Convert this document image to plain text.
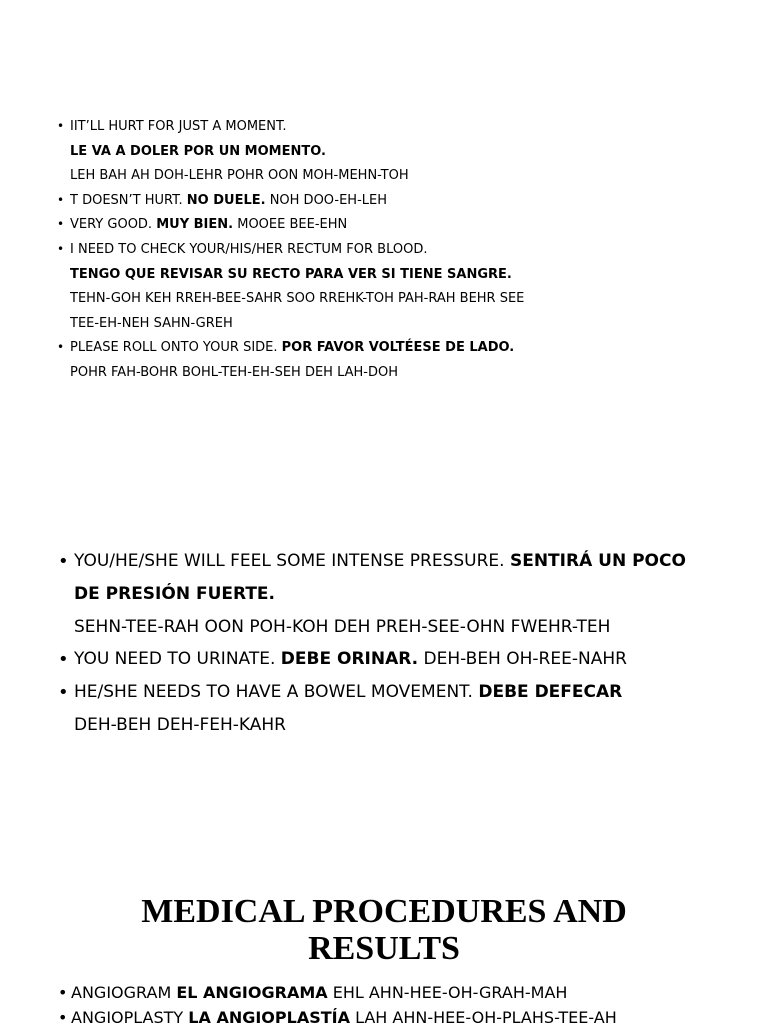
• IIT’LL HURT FOR JUST A MOMENT.
LE VA A DOLER POR UN MOMENTO.
LEH BAH AH DOH-LEHR POHR OON MOH-MEHN-TOH
• T DOESN’T HURT. NO DUELE. NOH DOO-EH-LEH
• VERY GOOD. MUY BIEN. MOOEE BEE-EHN
• I NEED TO CHECK YOUR/HIS/HER RECTUM FOR BLOOD.
TENGO QUE REVISAR SU RECTO PARA VER SI TIENE SANGRE.
TEHN-GOH KEH RREH-BEE-SAHR SOO RREHK-TOH PAH-RAH BEHR SEE
TEE-EH-NEH SAHN-GREH
• PLEASE ROLL ONTO YOUR SIDE. POR FAVOR VOLTÉESE DE LADO.
POHR FAH-BOHR BOHL-TEH-EH-SEH DEH LAH-DOH
• YOU/HE/SHE WILL FEEL SOME INTENSE PRESSURE. SENTIRÁ UN POCO
DE PRESIÓN FUERTE.
SEHN-TEE-RAH OON POH-KOH DEH PREH-SEE-OHN FWEHR-TEH
• YOU NEED TO URINATE. DEBE ORINAR. DEH-BEH OH-REE-NAHR
• HE/SHE NEEDS TO HAVE A BOWEL MOVEMENT. DEBE DEFECAR
DEH-BEH DEH-FEH-KAHR
MEDICAL PROCEDURES AND
RESULTS
• ANGIOGRAM EL ANGIOGRAMA EHL AHN-HEE-OH-GRAH-MAH
• ANGIOPLASTY LA ANGIOPLASTÍA LAH AHN-HEE-OH-PLAHS-TEE-AH
